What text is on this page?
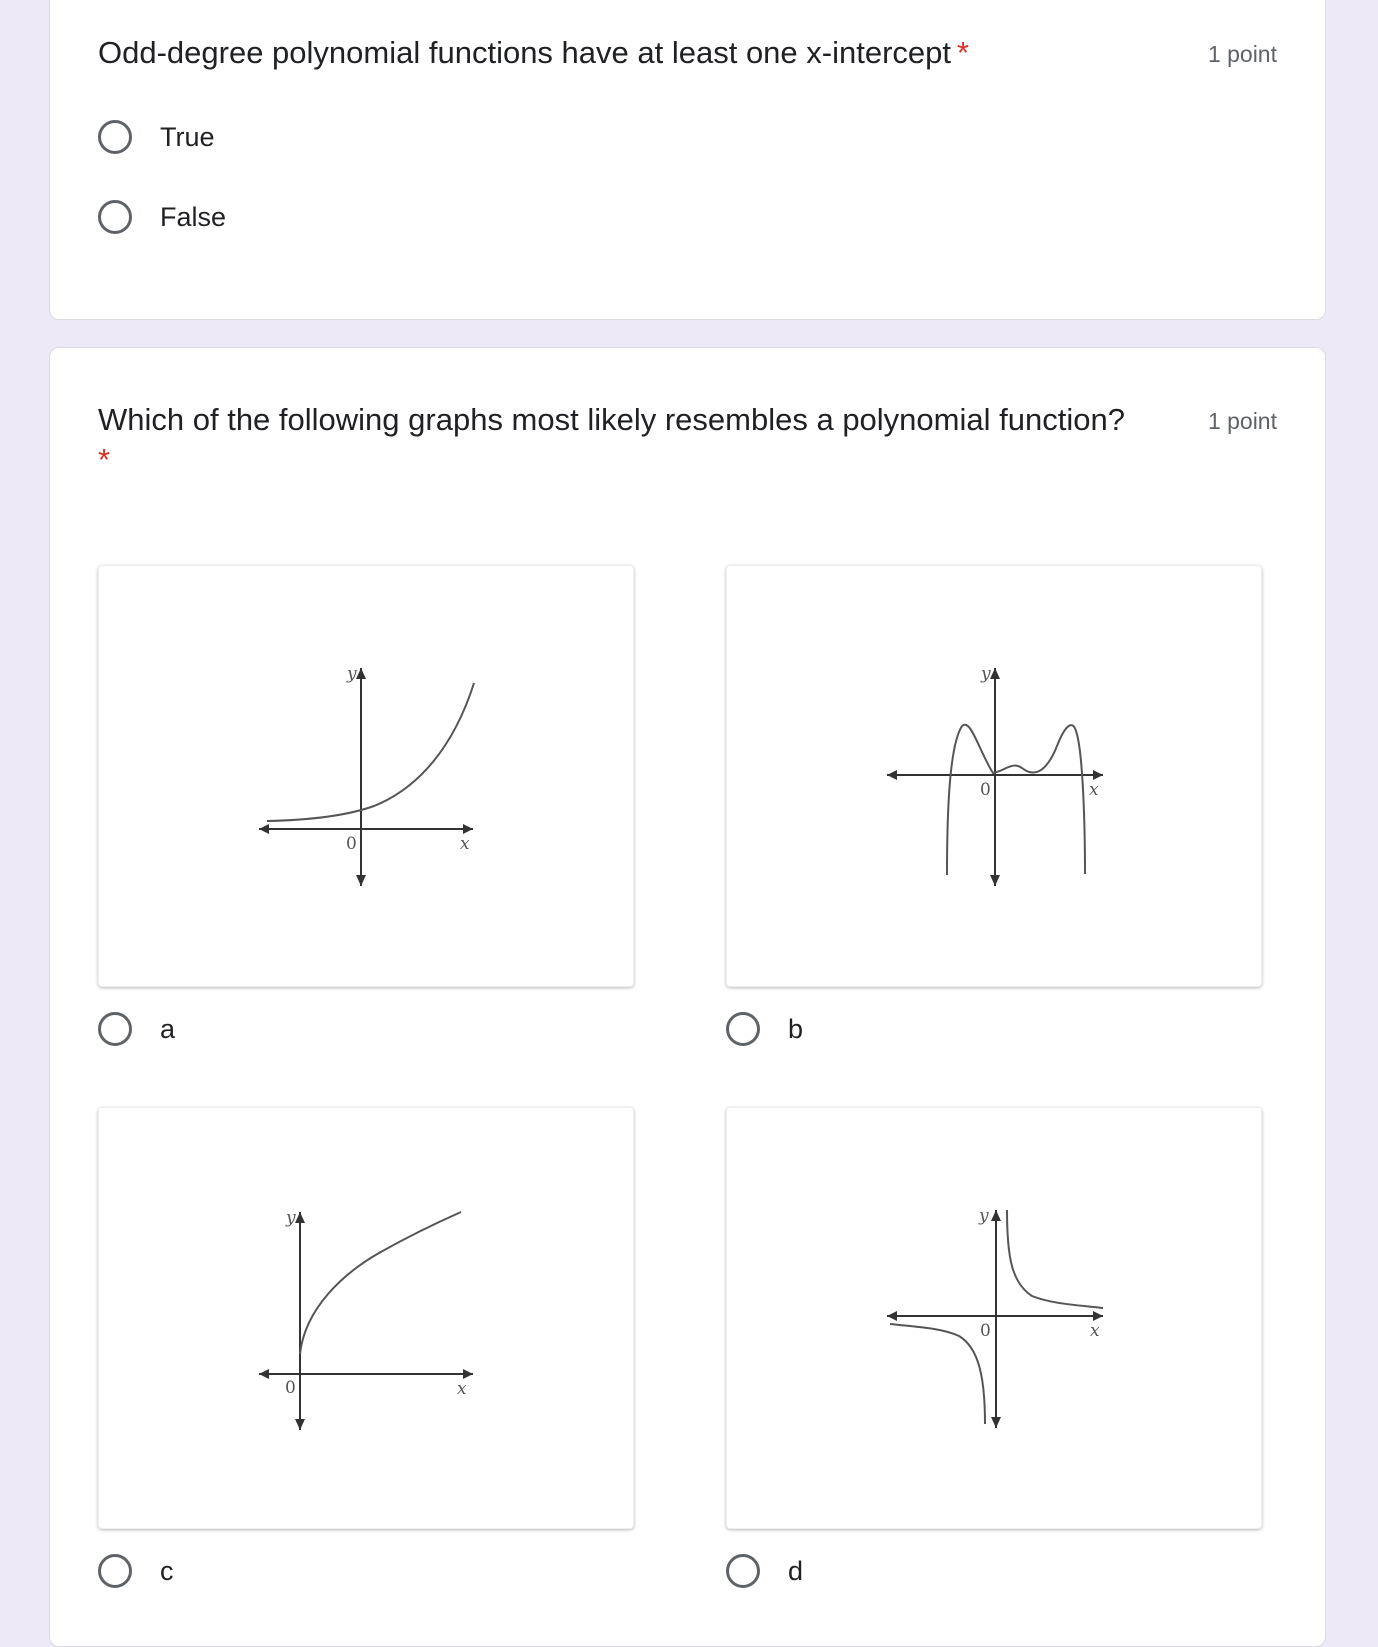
Odd-degree polynomial functions have at least one x-intercept *	1 point
True
False
Which of the following graphs most likely resembles a polynomial function?
*
1 point
y
x
0
a
y
x
0
b
y
x
0
c
y
x
0
d
